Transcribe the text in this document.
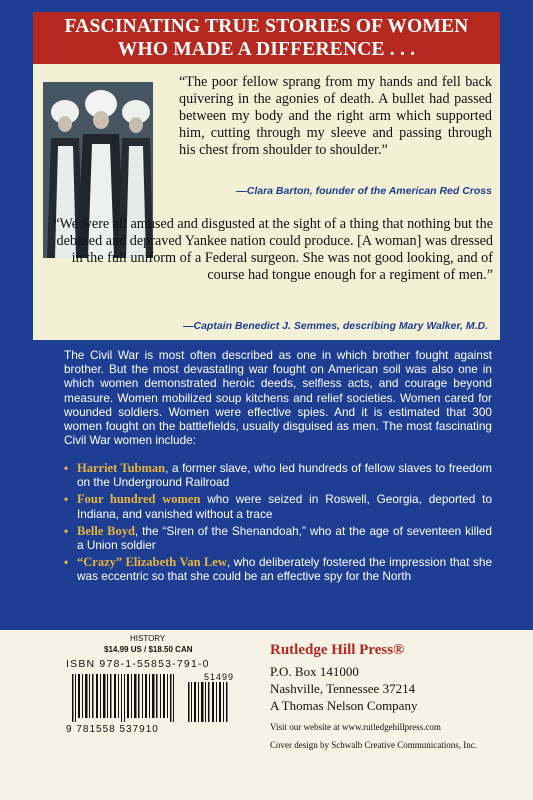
FASCINATING TRUE STORIES OF WOMEN
WHO MADE A DIFFERENCE . . .

“The poor fellow sprang from my hands and fell back quivering in the agonies of death. A bullet had passed between my body and the right arm which supported him, cutting through my sleeve and passing through his chest from shoulder to shoulder.”

—Clara Barton, founder of the American Red Cross

“We were all amused and disgusted at the sight of a thing that nothing but the debased and depraved Yankee nation could produce. [A woman] was dressed in the full uniform of a Federal surgeon. She was not good looking, and of course had tongue enough for a regiment of men.”

—Captain Benedict J. Semmes, describing Mary Walker, M.D.

The Civil War is most often described as one in which brother fought against brother. But the most devastating war fought on American soil was also one in which women demonstrated heroic deeds, selfless acts, and courage beyond measure. Women mobilized soup kitchens and relief societies. Women cared for wounded soldiers. Women were effective spies. And it is estimated that 300 women fought on the battlefields, usually disguised as men. The most fascinating Civil War women include:

• Harriet Tubman, a former slave, who led hundreds of fellow slaves to freedom on the Underground Railroad
• Four hundred women who were seized in Roswell, Georgia, deported to Indiana, and vanished without a trace
• Belle Boyd, the “Siren of the Shenandoah,” who at the age of seventeen killed a Union soldier
• “Crazy” Elizabeth Van Lew, who deliberately fostered the impression that she was eccentric so that she could be an effective spy for the North
HISTORY
$14.99 US / $18.50 CAN
ISBN 978-1-55853-791-0
51499
9 781558 537910

Rutledge Hill Press®

P.O. Box 141000

Nashville, Tennessee 37214

A Thomas Nelson Company

Visit our website at www.rutledgehillpress.com

Cover design by Schwalb Creative Communications, Inc.
